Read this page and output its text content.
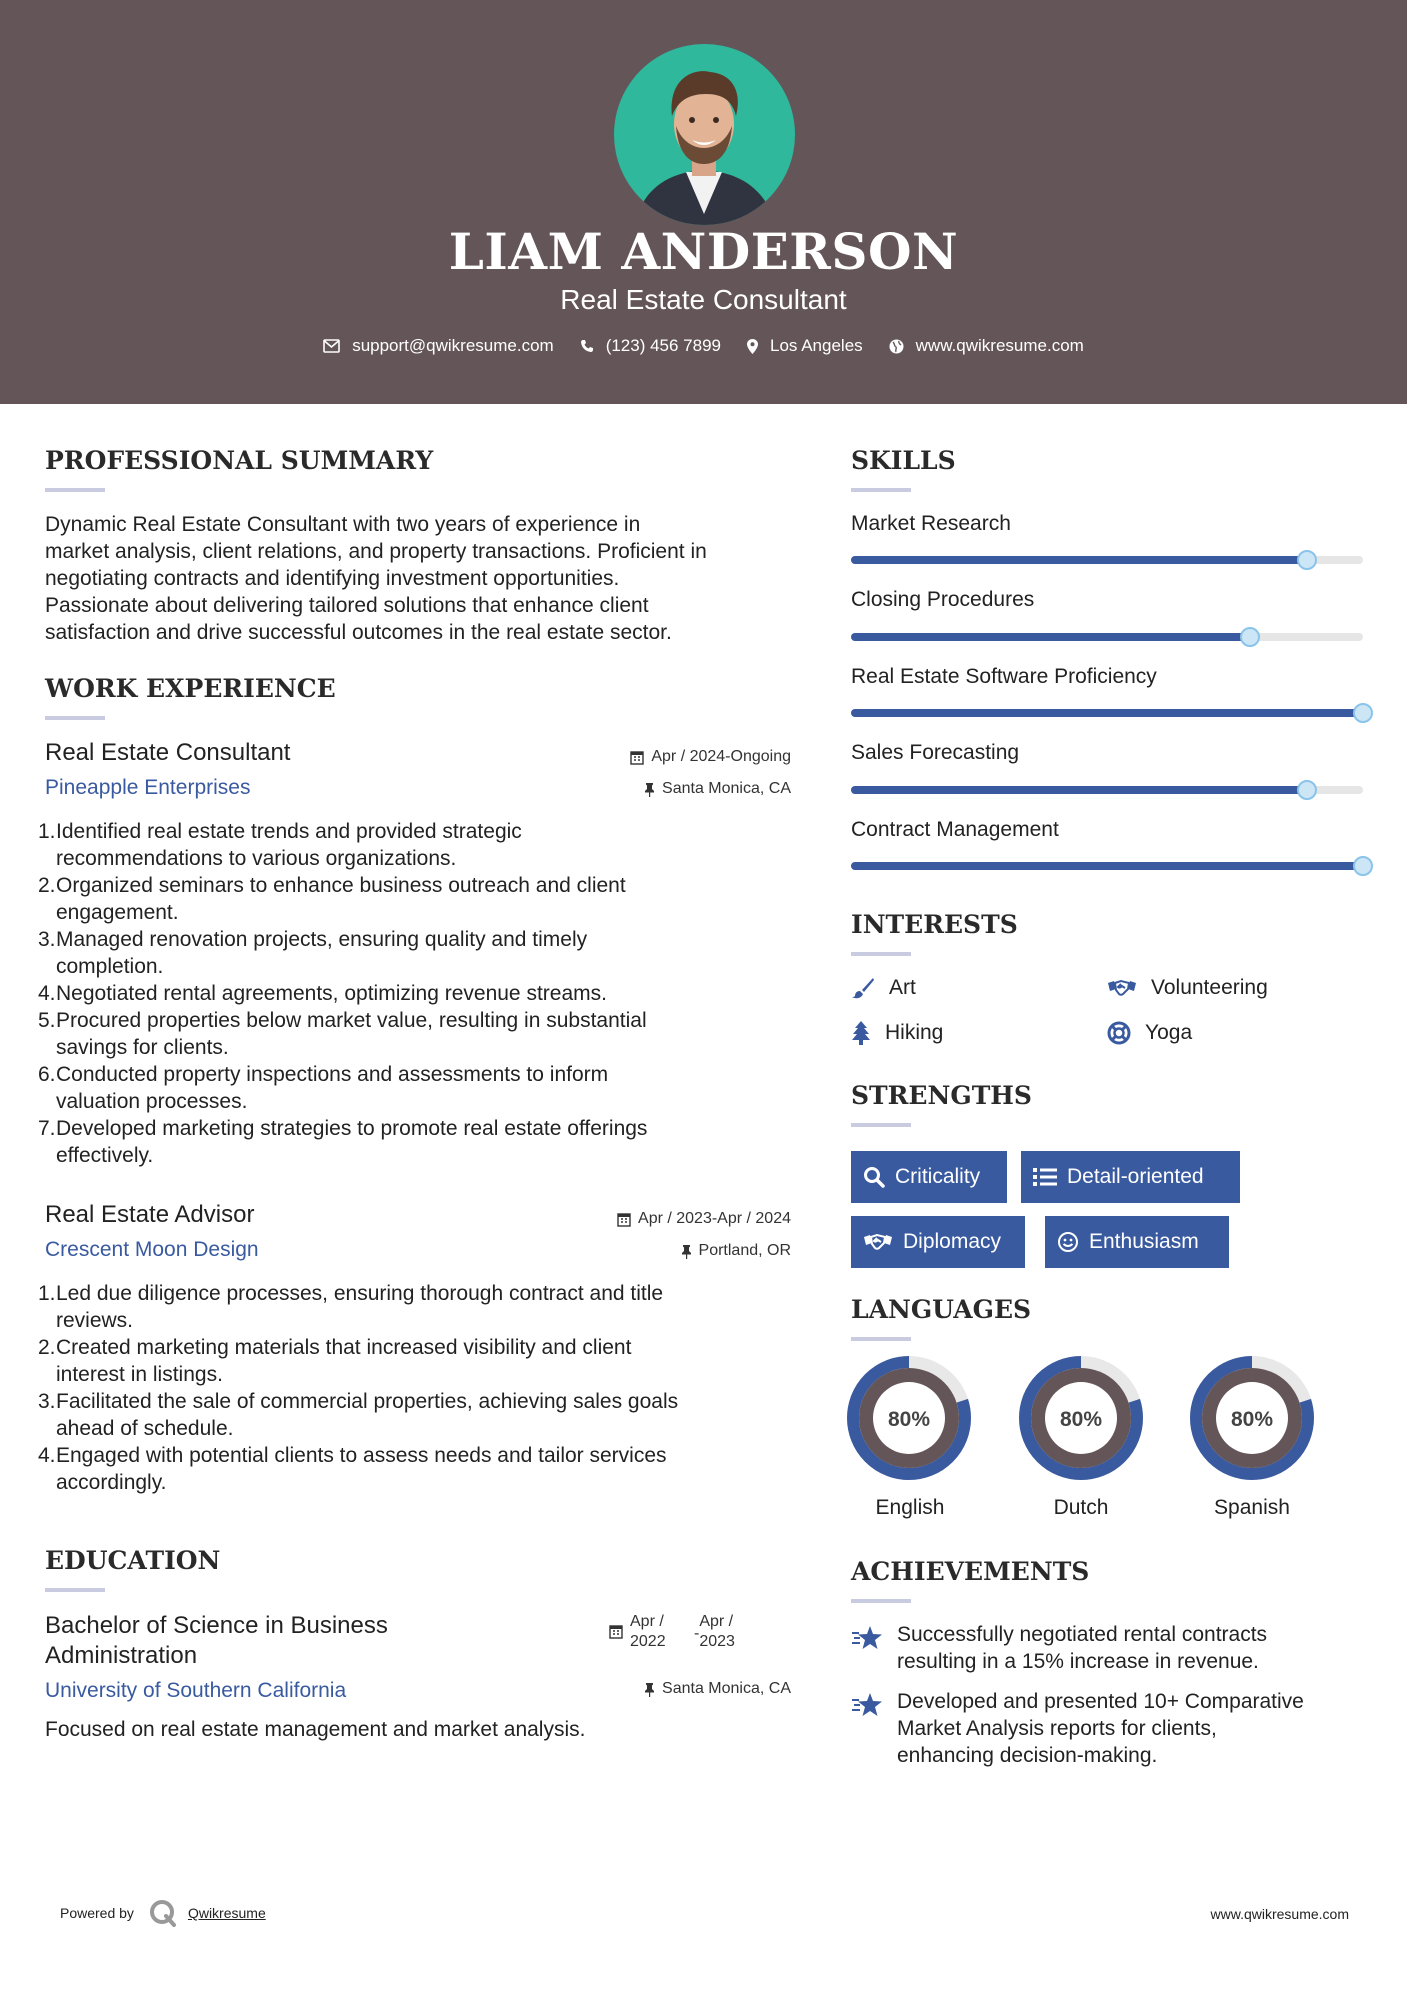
LIAM ANDERSON
Real Estate Consultant
support@qwikresume.com	(123) 456 7899	Los Angeles	www.qwikresume.com
PROFESSIONAL SUMMARY
Dynamic Real Estate Consultant with two years of experience in
market analysis, client relations, and property transactions. Proficient in
negotiating contracts and identifying investment opportunities.
Passionate about delivering tailored solutions that enhance client
satisfaction and drive successful outcomes in the real estate sector.
WORK EXPERIENCE
Real Estate Consultant	Apr / 2024-Ongoing
Pineapple Enterprises	Santa Monica, CA
1. Identified real estate trends and provided strategic
recommendations to various organizations.
2. Organized seminars to enhance business outreach and client
engagement.
3. Managed renovation projects, ensuring quality and timely
completion.
4. Negotiated rental agreements, optimizing revenue streams.
5. Procured properties below market value, resulting in substantial
savings for clients.
6. Conducted property inspections and assessments to inform
valuation processes.
7. Developed marketing strategies to promote real estate offerings
effectively.
Real Estate Advisor	Apr / 2023-Apr / 2024
Crescent Moon Design	Portland, OR
1. Led due diligence processes, ensuring thorough contract and title
reviews.
2. Created marketing materials that increased visibility and client
interest in listings.
3. Facilitated the sale of commercial properties, achieving sales goals
ahead of schedule.
4. Engaged with potential clients to assess needs and tailor services
accordingly.
EDUCATION
Bachelor of Science in Business
Administration
Apr /
2022	-
Apr /
2023
University of Southern California	Santa Monica, CA
Focused on real estate management and market analysis.
SKILLS
Market Research
Closing Procedures
Real Estate Software Proficiency
Sales Forecasting
Contract Management
INTERESTS
Art	Volunteering
Hiking	Yoga
STRENGTHS
Criticality	Detail-oriented
Diplomacy	Enthusiasm
LANGUAGES
80%
English
80%
Dutch
80%
Spanish
ACHIEVEMENTS
Successfully negotiated rental contracts
resulting in a 15% increase in revenue.
Developed and presented 10+ Comparative
Market Analysis reports for clients,
enhancing decision-making.
Powered by	Qwikresume	www.qwikresume.com
